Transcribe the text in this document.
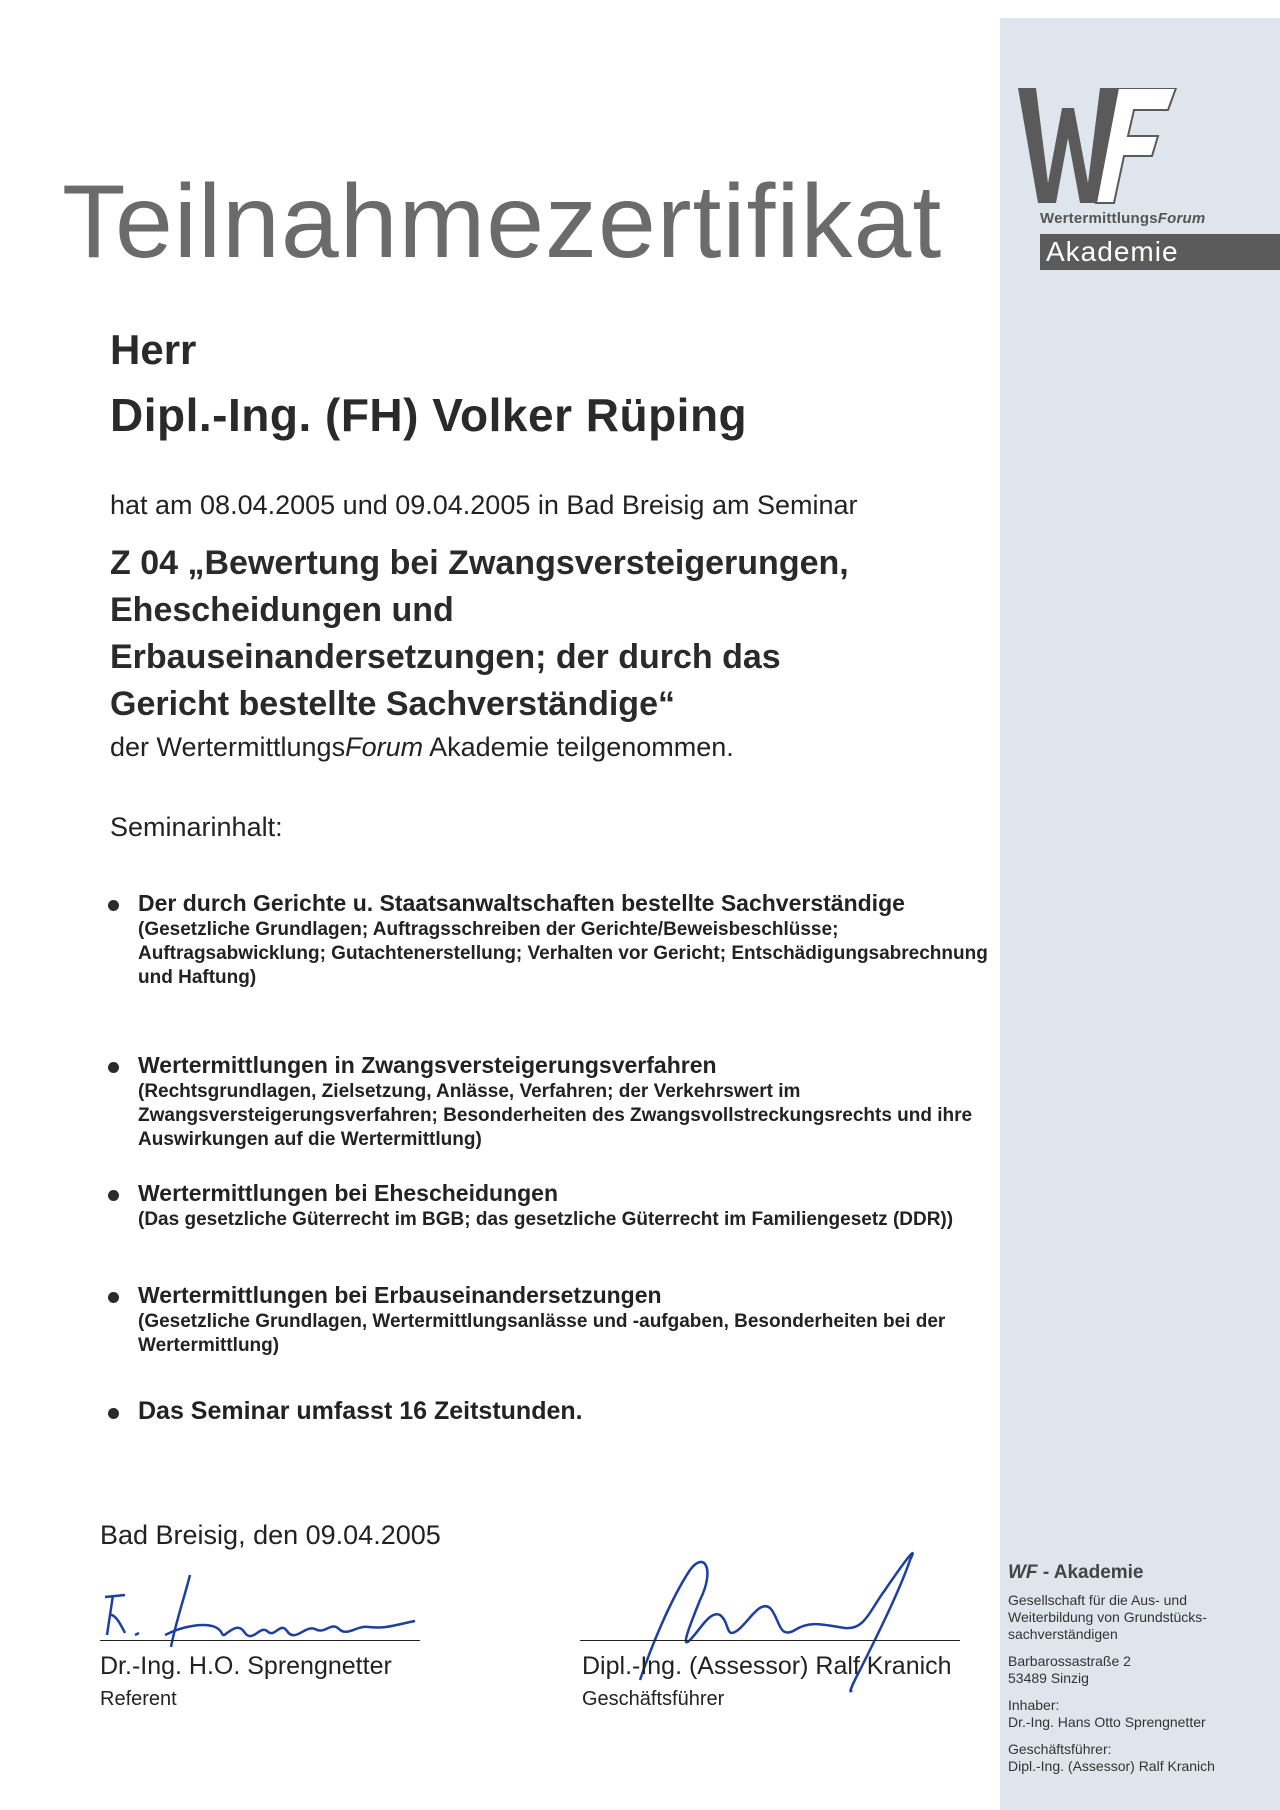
WertermittlungsForum
Akademie
Teilnahmezertifikat
Herr
Dipl.-Ing. (FH) Volker Rüping
hat am 08.04.2005 und 09.04.2005 in Bad Breisig am Seminar
Z 04 „Bewertung bei Zwangsversteigerungen,
Ehescheidungen und
Erbauseinandersetzungen; der durch das
Gericht bestellte Sachverständige“
der WertermittlungsForum Akademie teilgenommen.
Seminarinhalt:
Der durch Gerichte u. Staatsanwaltschaften bestellte Sachverständige
(Gesetzliche Grundlagen; Auftragsschreiben der Gerichte/Beweisbeschlüsse; Auftragsabwicklung; Gutachtenerstellung; Verhalten vor Gericht; Entschädigungsabrechnung und Haftung)
Wertermittlungen in Zwangsversteigerungsverfahren
(Rechtsgrundlagen, Zielsetzung, Anlässe, Verfahren; der Verkehrswert im Zwangsversteigerungsverfahren; Besonderheiten des Zwangsvollstreckungsrechts und ihre Auswirkungen auf die Wertermittlung)
Wertermittlungen bei Ehescheidungen
(Das gesetzliche Güterrecht im BGB; das gesetzliche Güterrecht im Familiengesetz (DDR))
Wertermittlungen bei Erbauseinandersetzungen
(Gesetzliche Grundlagen, Wertermittlungsanlässe und -aufgaben, Besonderheiten bei der Wertermittlung)
Das Seminar umfasst 16 Zeitstunden.
Bad Breisig, den 09.04.2005
Dr.-Ing. H.O. Sprengnetter
Referent
Dipl.-Ing. (Assessor) Ralf Kranich
Geschäftsführer
WF - Akademie
Gesellschaft für die Aus- und
Weiterbildung von Grundstücks-
sachverständigen
Barbarossastraße 2
53489 Sinzig
Inhaber:
Dr.-Ing. Hans Otto Sprengnetter
Geschäftsführer:
Dipl.-Ing. (Assessor) Ralf Kranich
